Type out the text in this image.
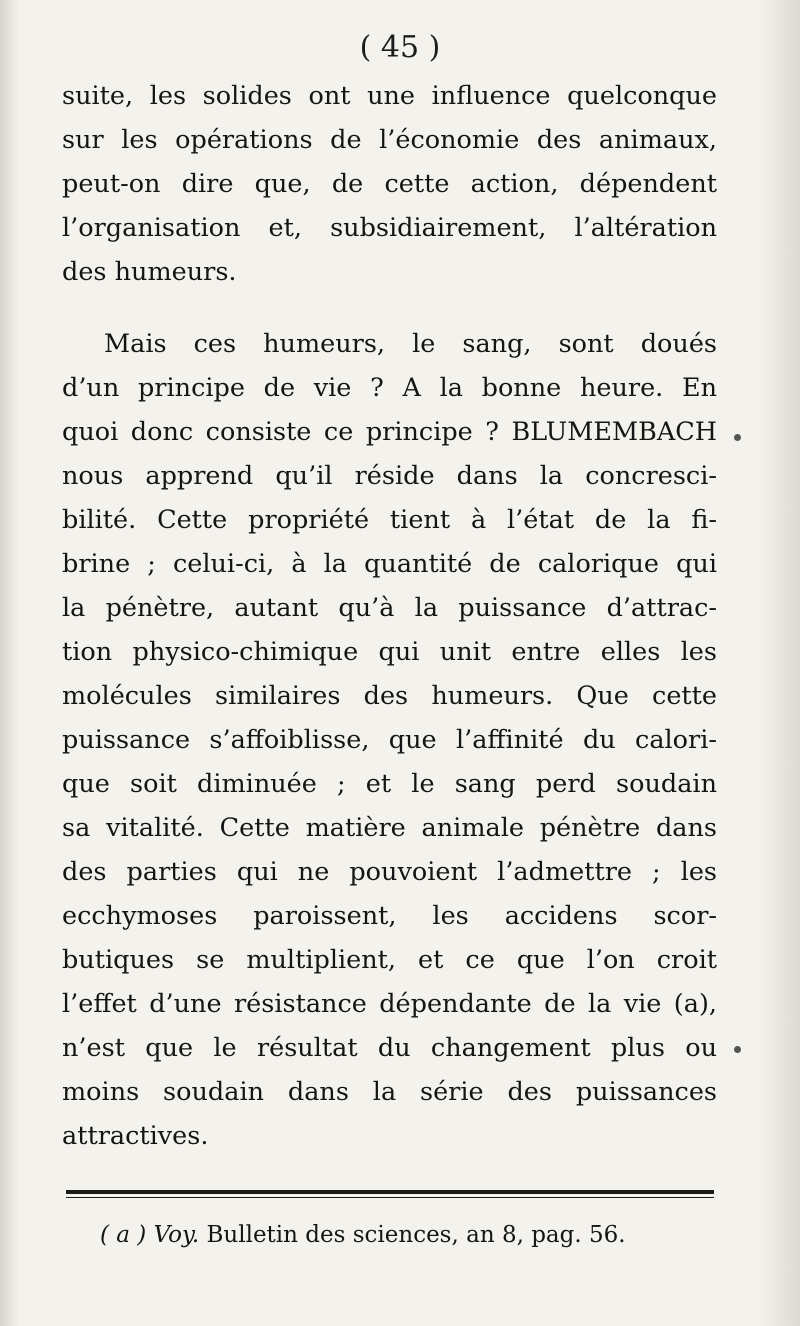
( 45 )
suite, les solides ont une influence quelconque
sur les opérations de l’économie des animaux,
peut-on dire que, de cette action, dépendent
l’organisation et, subsidiairement, l’altération
des humeurs.
Mais ces humeurs, le sang, sont doués
d’un principe de vie ? A la bonne heure. En
quoi donc consiste ce principe ? BLUMEMBACH
nous apprend qu’il réside dans la concresci-
bilité. Cette propriété tient à l’état de la fi-
brine ; celui-ci, à la quantité de calorique qui
la pénètre, autant qu’à la puissance d’attrac-
tion physico-chimique qui unit entre elles les
molécules similaires des humeurs. Que cette
puissance s’affoiblisse, que l’affinité du calori-
que soit diminuée ; et le sang perd soudain
sa vitalité. Cette matière animale pénètre dans
des parties qui ne pouvoient l’admettre ; les
ecchymoses paroissent, les accidens scor-
butiques se multiplient, et ce que l’on croit
l’effet d’une résistance dépendante de la vie (a),
n’est que le résultat du changement plus ou
moins soudain dans la série des puissances
attractives.
( a ) Voy. Bulletin des sciences, an 8, pag. 56.
